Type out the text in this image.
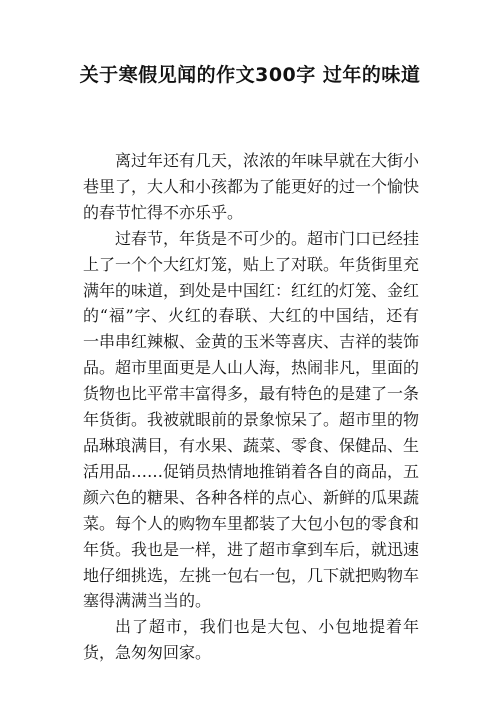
关于寒假见闻的作文300字 过年的味道

离过年还有几天，浓浓的年味早就在大街小巷里了，大人和小孩都为了能更好的过一个愉快的春节忙得不亦乐乎。

过春节，年货是不可少的。超市门口已经挂上了一个个大红灯笼，贴上了对联。年货街里充满年的味道，到处是中国红：红红的灯笼、金红的“福”字、火红的春联、大红的中国结，还有一串串红辣椒、金黄的玉米等喜庆、吉祥的装饰品。超市里面更是人山人海，热闹非凡，里面的货物也比平常丰富得多，最有特色的是建了一条年货街。我被就眼前的景象惊呆了。超市里的物品琳琅满目，有水果、蔬菜、零食、保健品、生活用品……促销员热情地推销着各自的商品，五颜六色的糖果、各种各样的点心、新鲜的瓜果蔬菜。每个人的购物车里都装了大包小包的零食和年货。我也是一样，进了超市拿到车后，就迅速地仔细挑选，左挑一包右一包，几下就把购物车塞得满满当当的。

出了超市，我们也是大包、小包地提着年货，急匆匆回家。
